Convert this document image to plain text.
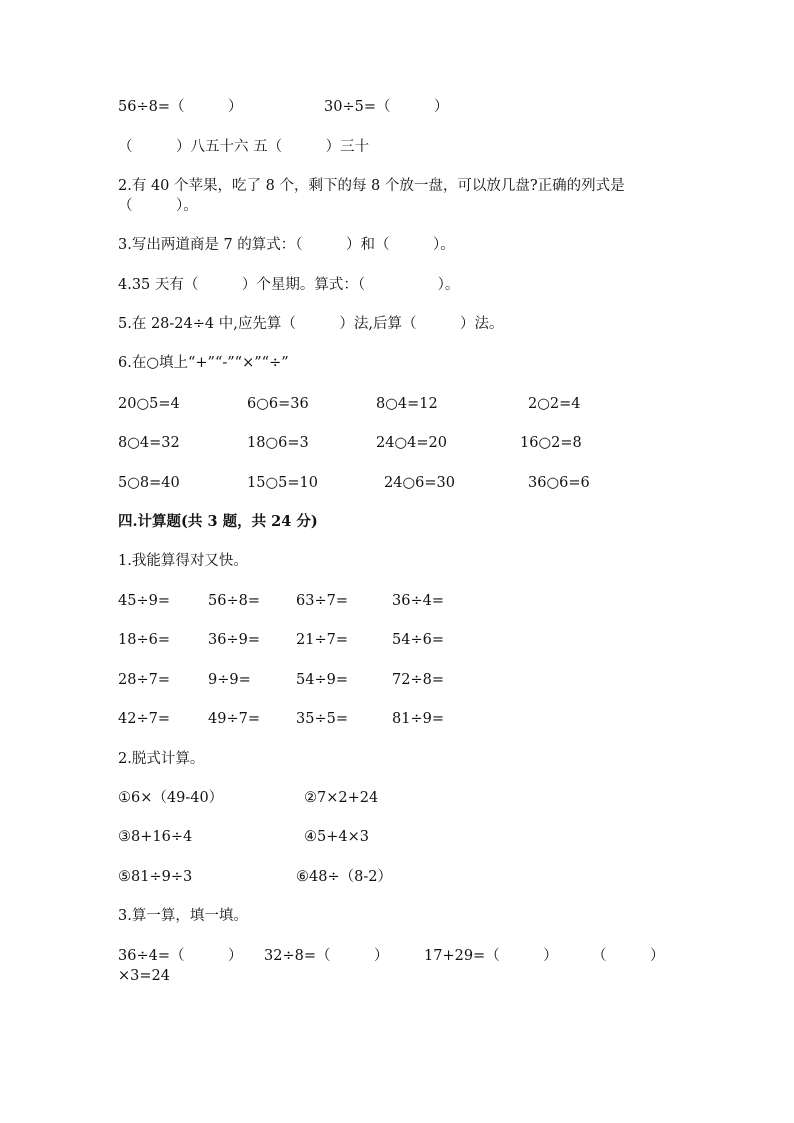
56÷8=（　　　）	30÷5=（　　　）
（　　　）八五十六 五（　　　）三十
2.有 40 个苹果，吃了 8 个，剩下的每 8 个放一盘，可以放几盘?正确的列式是
（　　　）。
3.写出两道商是 7 的算式：（　　　）和（　　　）。
4.35 天有（　　　）个星期。算式：（　　　　　）。
5.在 28-24÷4 中,应先算（　　　）法,后算（　　　）法。
6.在○填上“+”“-”“×”“÷”
20○5=4	6○6=36	8○4=12	2○2=4
8○4=32	18○6=3	24○4=20	16○2=8
5○8=40	15○5=10	24○6=30	36○6=6
四.计算题(共 3 题，共 24 分)
1.我能算得对又快。
45÷9=	56÷8= 63÷7=	36÷4=
18÷6=	36÷9= 21÷7=	54÷6=
28÷7=	9÷9=	54÷9=	72÷8=
42÷7=	49÷7= 35÷5=	81÷9=
2.脱式计算。
①6×（49-40）	②7×2+24
③8+16÷4	④5+4×3
⑤81÷9÷3	⑥48÷（8-2）
3.算一算，填一填。
36÷4=（　　　） 32÷8=（　　　） 17+29=（　　　） （　　　）
×3=24
